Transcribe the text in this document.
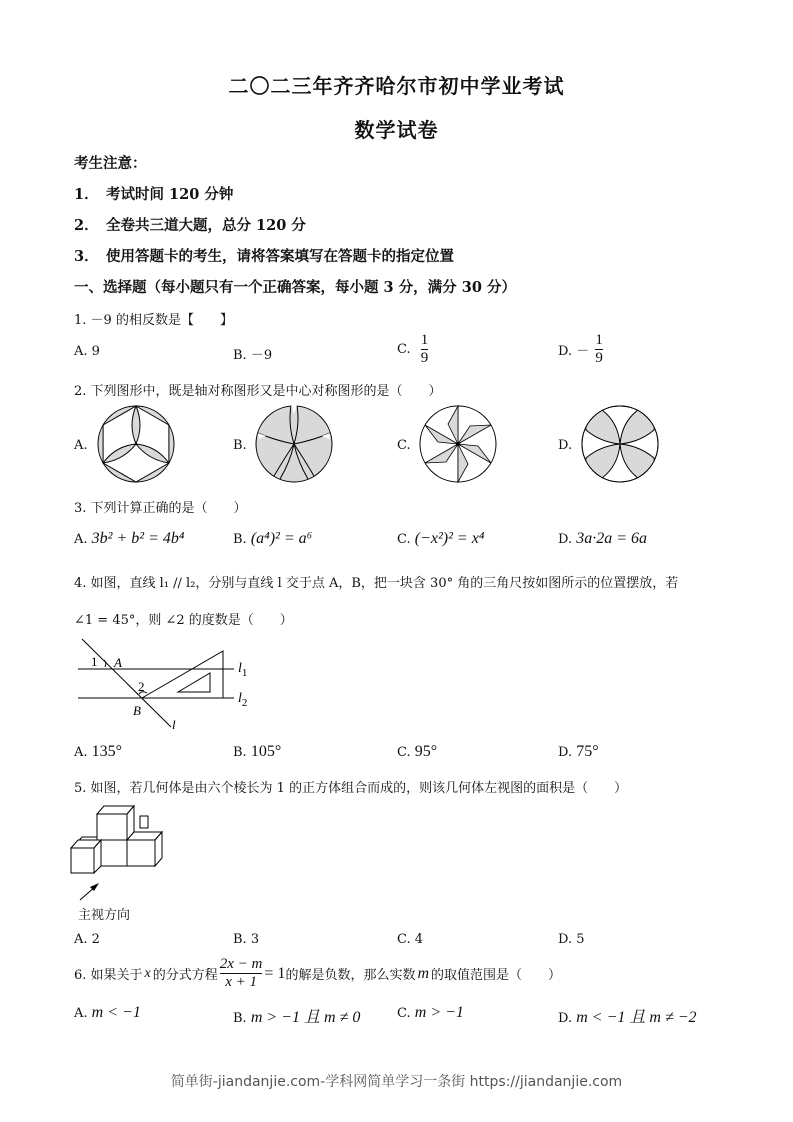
二〇二三年齐齐哈尔市初中学业考试
数学试卷
考生注意：
1． 考试时间 120 分钟
2． 全卷共三道大题，总分 120 分
3． 使用答题卡的考生，请将答案填写在答题卡的指定位置
一、选择题（每小题只有一个正确答案，每小题 3 分，满分 30 分）
1. －9 的相反数是【　　】
A. 9	B. －9	C. $\frac{1}{9}$	D. － $\frac{1}{9}$
2. 下列图形中，既是轴对称图形又是中心对称图形的是（　　）
A.	B.	C.	D.
3. 下列计算正确的是（　　）
A. 3b² + b² = 4b⁴	B. (a⁴)² = a⁶	C. (−x²)² = x⁴	D. 3a·2a = 6a
4. 如图，直线 l₁ // l₂，分别与直线 l 交于点 A，B，把一块含 30° 角的三角尺按如图所示的位置摆放，若
∠1 = 45°，则 ∠2 的度数是（　　）
1 A
2
B
l
$l_1$
$l_2$
A. 135°	B. 105°	C. 95°	D. 75°
5. 如图，若几何体是由六个棱长为 1 的正方体组合而成的，则该几何体左视图的面积是（　　）
主视方向
A. 2	B. 3	C. 4	D. 5
6. 如果关于 x 的分式方程 $\frac{2x - m}{x + 1} = 1$ 的解是负数，那么实数 m 的取值范围是（　　）
A. m < −1	B. m > −1 且 m ≠ 0	C. m > −1	D. m < −1 且 m ≠ −2
简单街-jiandanjie.com-学科网简单学习一条街 https://jiandanjie.com
